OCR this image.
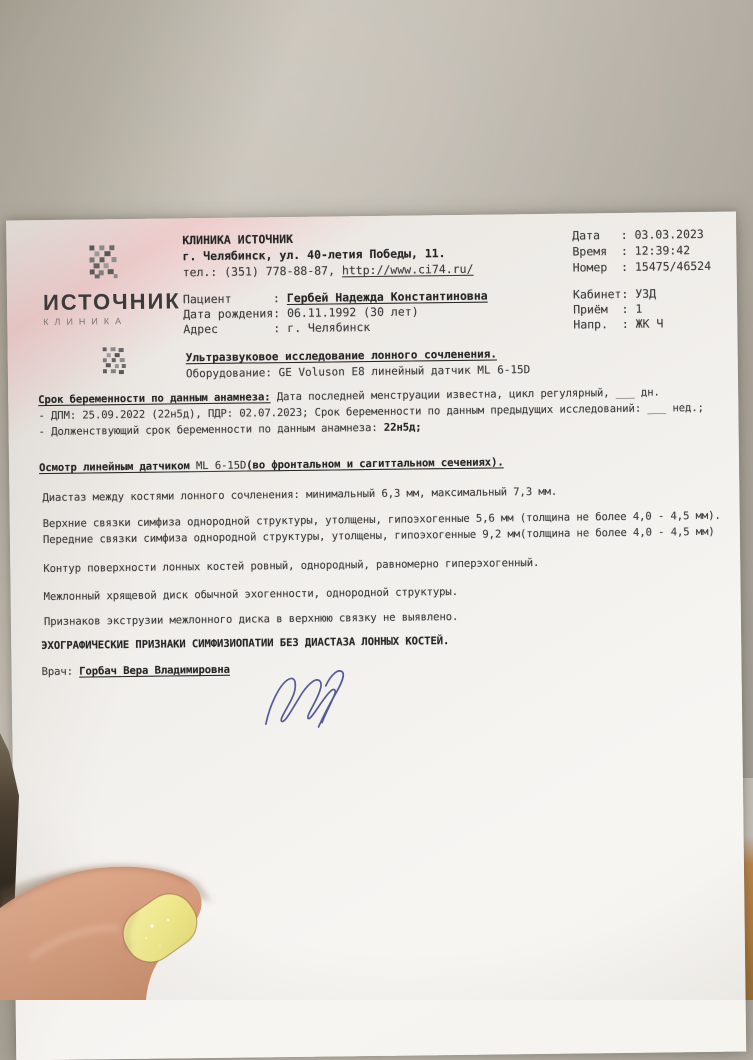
КЛИНИКА ИСТОЧНИК
г. Челябинск, ул. 40-летия Победы, 11.
тел.: (351) 778-88-87, http://www.ci74.ru/
Дата   : 03.03.2023
Время  : 12:39:42
Номер  : 15475/46524
ИСТОЧНИК
КЛИНИКА
Пациент      : Гербей Надежда Константиновна
Дата рождения: 06.11.1992 (30 лет)
Адрес        : г. Челябинск
Кабинет: УЗД
Приём  : 1
Напр.  : ЖК Ч
Ультразвуковое исследование лонного сочленения.
Оборудование: GE Voluson E8 линейный датчик ML 6-15D
Срок беременности по данным анамнеза: Дата последней менструации известна, цикл регулярный, ___ дн.
- ДПМ: 25.09.2022 (22н5д), ПДР: 02.07.2023; Срок беременности по данным предыдущих исследований: ___ нед.;
- Долженствующий срок беременности по данным анамнеза: 22н5д;
Осмотр линейным датчиком ML 6-15D(во фронтальном и сагиттальном сечениях).
Диастаз между костями лонного сочленения: минимальный 6,3 мм, максимальный 7,3 мм.
Верхние связки симфиза однородной структуры, утолщены, гипоэхогенные 5,6 мм (толщина не более 4,0 - 4,5 мм).
Передние связки симфиза однородной структуры, утолщены, гипоэхогенные 9,2 мм(толщина не более 4,0 - 4,5 мм)
Контур поверхности лонных костей ровный, однородный, равномерно гиперэхогенный.
Межлонный хрящевой диск обычной эхогенности, однородной структуры.
Признаков экструзии межлонного диска в верхнюю связку не выявлено.
ЭХОГРАФИЧЕСКИЕ ПРИЗНАКИ СИМФИЗИОПАТИИ БЕЗ ДИАСТАЗА ЛОННЫХ КОСТЕЙ.
Врач: Горбач Вера Владимировна
